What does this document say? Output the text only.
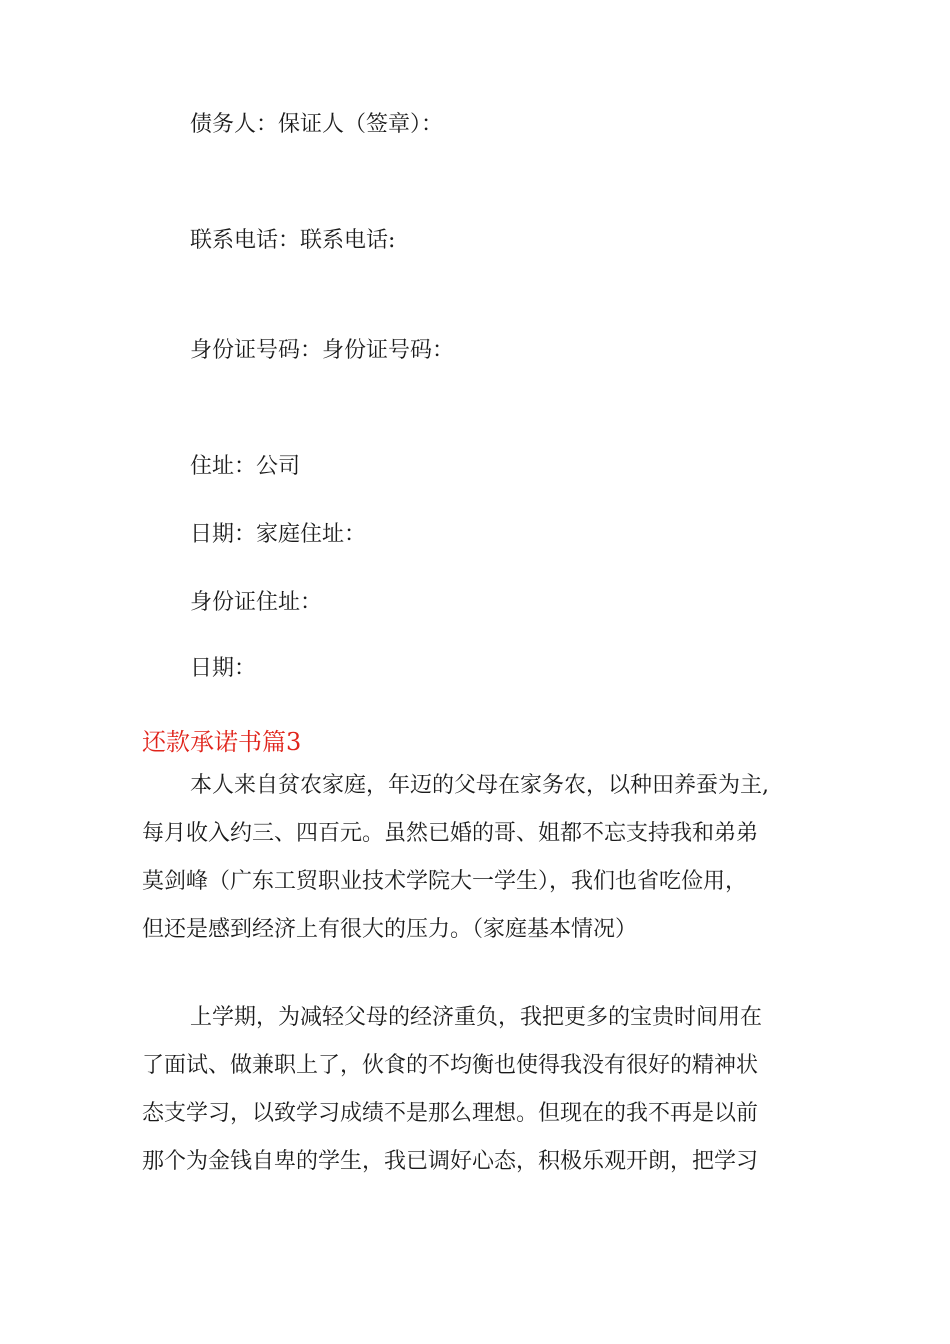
债务人：保证人（签章）：

联系电话：联系电话:

身份证号码：身份证号码：

住址：公司

日期：家庭住址：

身份证住址：

日期：

还款承诺书篇3

本人来自贫农家庭，年迈的父母在家务农，以种田养蚕为主,
每月收入约三、四百元。虽然已婚的哥、姐都不忘支持我和弟弟
莫剑峰（广东工贸职业技术学院大一学生），我们也省吃俭用，
但还是感到经济上有很大的压力。（家庭基本情况）

上学期，为减轻父母的经济重负，我把更多的宝贵时间用在
了面试、做兼职上了，伙食的不均衡也使得我没有很好的精神状
态支学习，以致学习成绩不是那么理想。但现在的我不再是以前
那个为金钱自卑的学生，我已调好心态，积极乐观开朗，把学习
